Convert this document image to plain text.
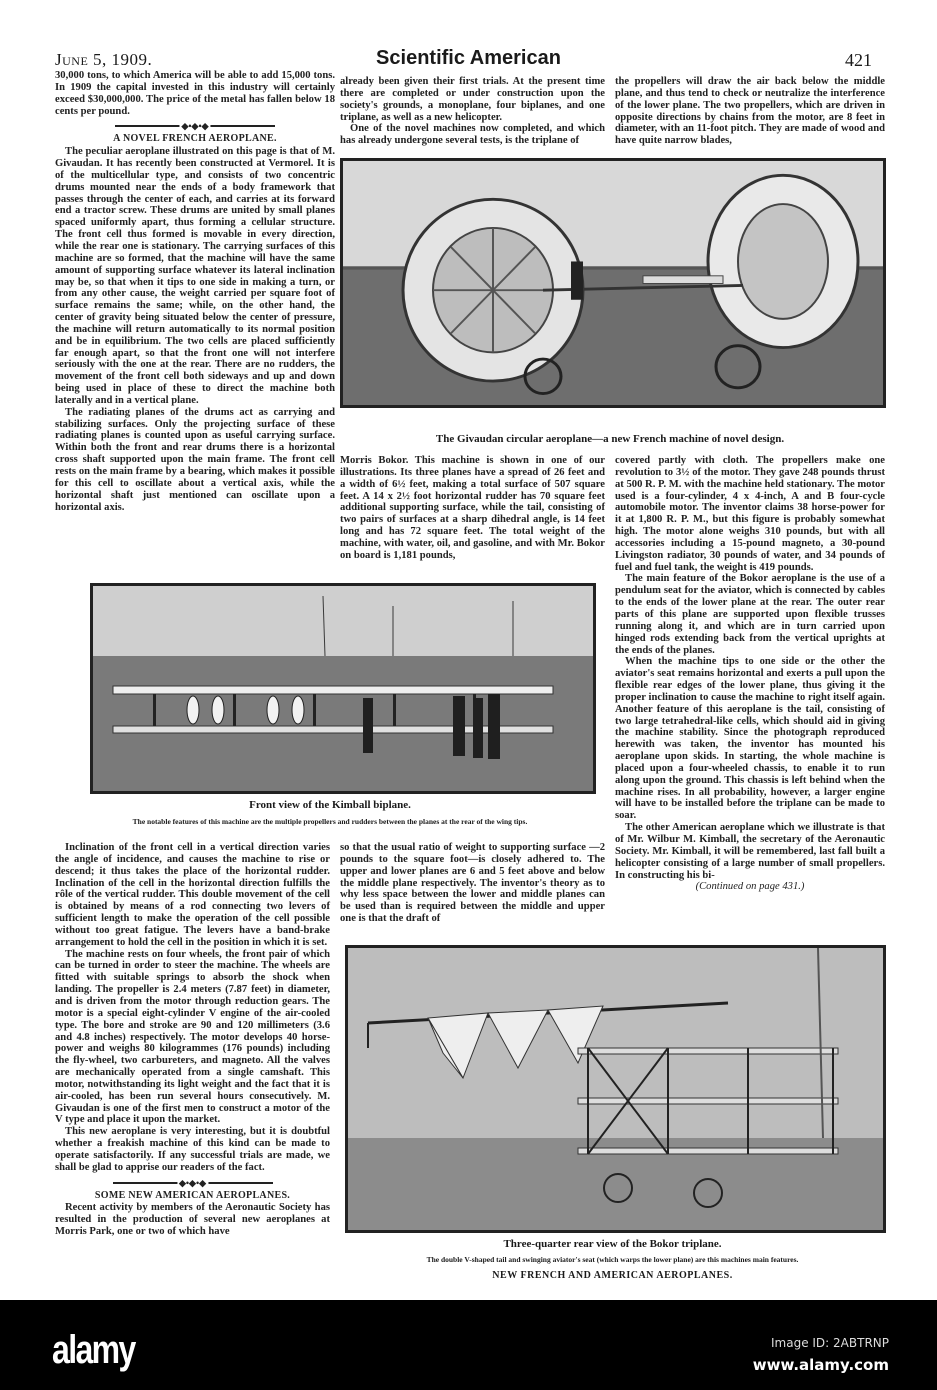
June 5, 1909.	Scientific American	421

30,000 tons, to which America will be able to add 15,000 tons. In 1909 the capital invested in this industry will certainly exceed $30,000,000. The price of the metal has fallen below 18 cents per pound.

◆•◆•◆
A NOVEL FRENCH AEROPLANE.

The peculiar aeroplane illustrated on this page is that of M. Givaudan. It has recently been constructed at Vermorel. It is of the multicellular type, and consists of two concentric drums mounted near the ends of a body framework that passes through the center of each, and carries at its forward end a tractor screw. These drums are united by small planes spaced uniformly apart, thus forming a cellular structure. The front cell thus formed is movable in every direction, while the rear one is stationary. The carrying surfaces of this machine are so formed, that the machine will have the same amount of supporting surface whatever its lateral inclination may be, so that when it tips to one side in making a turn, or from any other cause, the weight carried per square foot of surface remains the same; while, on the other hand, the center of gravity being situated below the center of pressure, the machine will return automatically to its normal position and be in equilibrium. The two cells are placed sufficiently far enough apart, so that the front one will not interfere seriously with the one at the rear. There are no rudders, the movement of the front cell both sideways and up and down being used in place of these to direct the machine both laterally and in a vertical plane.

The radiating planes of the drums act as carrying and stabilizing surfaces. Only the projecting surface of these radiating planes is counted upon as useful carrying surface. Within both the front and rear drums there is a horizontal cross shaft supported upon the main frame. The front cell rests on the main frame by a bearing, which makes it possible for this cell to oscillate about a vertical axis, while the horizontal shaft just mentioned can oscillate upon a horizontal axis.

already been given their first trials. At the present time there are completed or under construction upon the society's grounds, a monoplane, four biplanes, and one triplane, as well as a new helicopter.

One of the novel machines now completed, and which has already undergone several tests, is the triplane of

the propellers will draw the air back below the middle plane, and thus tend to check or neutralize the interference of the lower plane. The two propellers, which are driven in opposite directions by chains from the motor, are 8 feet in diameter, with an 11-foot pitch. They are made of wood and have quite narrow blades,

The Givaudan circular aeroplane—a new French machine of novel design.

Morris Bokor. This machine is shown in one of our illustrations. Its three planes have a spread of 26 feet and a width of 6½ feet, making a total surface of 507 square feet. A 14 x 2½ foot horizontal rudder has 70 square feet additional supporting surface, while the tail, consisting of two pairs of surfaces at a sharp dihedral angle, is 14 feet long and has 72 square feet. The total weight of the machine, with water, oil, and gasoline, and with Mr. Bokor on board is 1,181 pounds,

covered partly with cloth. The propellers make one revolution to 3½ of the motor. They gave 248 pounds thrust at 500 R. P. M. with the machine held stationary. The motor used is a four-cylinder, 4 x 4-inch, A and B four-cycle automobile motor. The inventor claims 38 horse-power for it at 1,800 R. P. M., but this figure is probably somewhat high. The motor alone weighs 310 pounds, but with all accessories including a 15-pound magneto, a 30-pound Livingston radiator, 30 pounds of water, and 34 pounds of fuel and fuel tank, the weight is 419 pounds.

The main feature of the Bokor aeroplane is the use of a pendulum seat for the aviator, which is connected by cables to the ends of the lower plane at the rear. The outer rear parts of this plane are supported upon flexible trusses running along it, and which are in turn carried upon hinged rods extending back from the vertical uprights at the ends of the planes.

When the machine tips to one side or the other the aviator's seat remains horizontal and exerts a pull upon the flexible rear edges of the lower plane, thus giving it the proper inclination to cause the machine to right itself again. Another feature of this aeroplane is the tail, consisting of two large tetrahedral-like cells, which should aid in giving the machine stability. Since the photograph reproduced herewith was taken, the inventor has mounted his aeroplane upon skids. In starting, the whole machine is placed upon a four-wheeled chassis, to enable it to run along upon the ground. This chassis is left behind when the machine rises. In all probability, however, a larger engine will have to be installed before the triplane can be made to soar.

The other American aeroplane which we illustrate is that of Mr. Wilbur M. Kimball, the secretary of the Aeronautic Society. Mr. Kimball, it will be remembered, last fall built a helicopter consisting of a large number of small propellers. In constructing his bi-

(Continued on page 431.)
Front view of the Kimball biplane.
The notable features of this machine are the multiple propellers and rudders between the planes at the rear of the wing tips.

Inclination of the front cell in a vertical direction varies the angle of incidence, and causes the machine to rise or descend; it thus takes the place of the horizontal rudder. Inclination of the cell in the horizontal direction fulfills the rôle of the vertical rudder. This double movement of the cell is obtained by means of a rod connecting two levers of sufficient length to make the operation of the cell possible without too great fatigue. The levers have a band-brake arrangement to hold the cell in the position in which it is set.

The machine rests on four wheels, the front pair of which can be turned in order to steer the machine. The wheels are fitted with suitable springs to absorb the shock when landing. The propeller is 2.4 meters (7.87 feet) in diameter, and is driven from the motor through reduction gears. The motor is a special eight-cylinder V engine of the air-cooled type. The bore and stroke are 90 and 120 millimeters (3.6 and 4.8 inches) respectively. The motor develops 40 horse-power and weighs 80 kilogrammes (176 pounds) including the fly-wheel, two carbureters, and magneto. All the valves are mechanically operated from a single camshaft. This motor, notwithstanding its light weight and the fact that it is air-cooled, has been run several hours consecutively. M. Givaudan is one of the first men to construct a motor of the V type and place it upon the market.

This new aeroplane is very interesting, but it is doubtful whether a freakish machine of this kind can be made to operate satisfactorily. If any successful trials are made, we shall be glad to apprise our readers of the fact.

◆•◆•◆
SOME NEW AMERICAN AEROPLANES.

Recent activity by members of the Aeronautic Society has resulted in the production of several new aeroplanes at Morris Park, one or two of which have

so that the usual ratio of weight to supporting surface —2 pounds to the square foot—is closely adhered to. The upper and lower planes are 6 and 5 feet above and below the middle plane respectively. The inventor's theory as to why less space between the lower and middle planes can be used than is required between the middle and upper one is that the draft of

Three-quarter rear view of the Bokor triplane.
The double V-shaped tail and swinging aviator's seat (which warps the lower plane) are this machines main features.
NEW FRENCH AND AMERICAN AEROPLANES.
alamy	Image ID: 2ABTRNP
www.alamy.com
